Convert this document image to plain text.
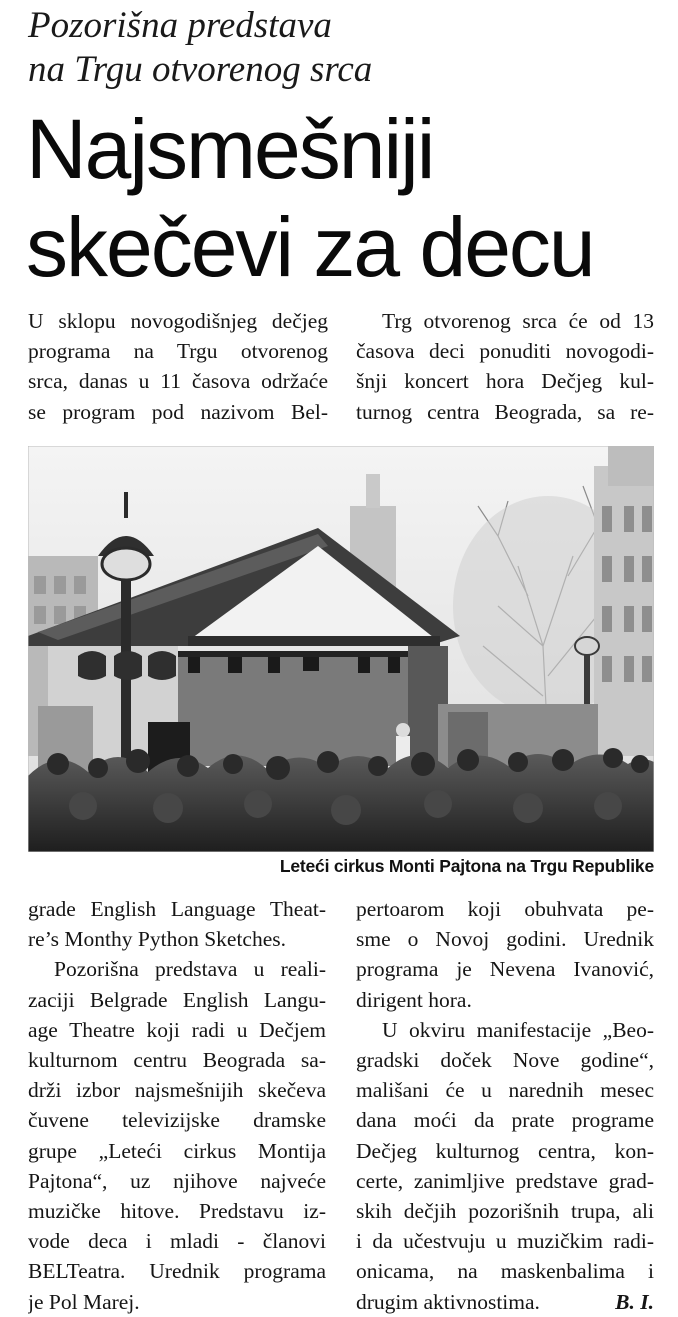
Pozorišna predstava
na Trgu otvorenog srca
Najsmešniji
skečevi za decu
U sklopu novogodišnjeg dečjeg
programa na Trgu otvorenog
srca, danas u 11 časova održaće
se program pod nazivom Bel-
Trg otvorenog srca će od 13
časova deci ponuditi novogodi-
šnji koncert hora Dečjeg kul-
turnog centra Beograda, sa re-
Leteći cirkus Monti Pajtona na Trgu Republike
grade English Language Theat-
re’s Monthy Python Sketches.
Pozorišna predstava u reali-
zaciji Belgrade English Langu-
age Theatre koji radi u Dečjem
kulturnom centru Beograda sa-
drži izbor najsmešnijih skečeva
čuvene televizijske dramske
grupe „Leteći cirkus Montija
Pajtona“, uz njihove najveće
muzičke hitove. Predstavu iz-
vode deca i mladi - članovi
BELTeatra. Urednik programa
je Pol Marej.
pertoarom koji obuhvata pe-
sme o Novoj godini. Urednik
programa je Nevena Ivanović,
dirigent hora.
U okviru manifestacije „Beo-
gradski doček Nove godine“,
mališani će u narednih mesec
dana moći da prate programe
Dečjeg kulturnog centra, kon-
certe, zanimljive predstave grad-
skih dečjih pozorišnih trupa, ali
i da učestvuju u muzičkim radi-
onicama, na maskenbalima i
drugim aktivnostima.	B. I.
